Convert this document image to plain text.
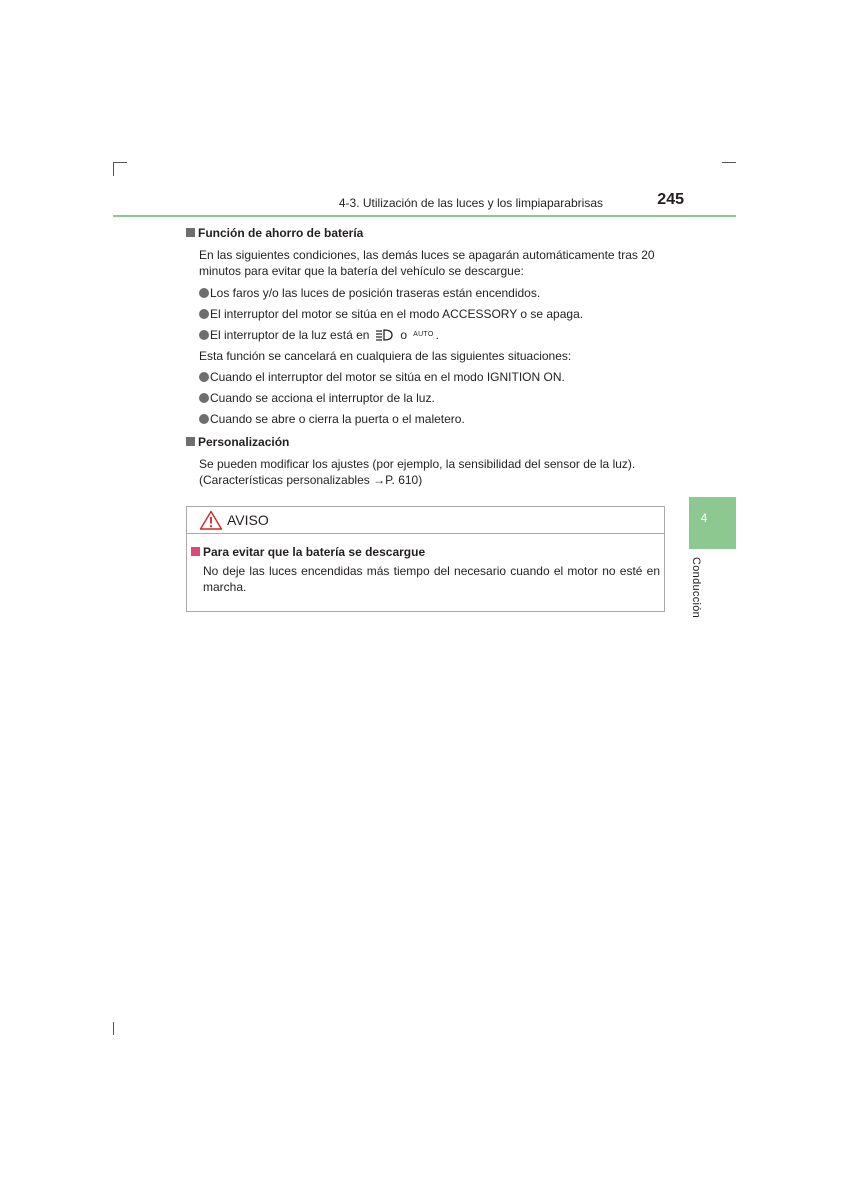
4-3. Utilización de las luces y los limpiaparabrisas	245
4
Conducción
Función de ahorro de batería
En las siguientes condiciones, las demás luces se apagarán automáticamente tras 20 minutos para evitar que la batería del vehículo se descargue:
Los faros y/o las luces de posición traseras están encendidos.
El interruptor del motor se sitúa en el modo ACCESSORY o se apaga.
El interruptor de la luz está en	o AUTO .
Esta función se cancelará en cualquiera de las siguientes situaciones:
Cuando el interruptor del motor se sitúa en el modo IGNITION ON.
Cuando se acciona el interruptor de la luz.
Cuando se abre o cierra la puerta o el maletero.
Personalización
Se pueden modificar los ajustes (por ejemplo, la sensibilidad del sensor de la luz).
(Características personalizables →P. 610)
AVISO
Para evitar que la batería se descargue
No deje las luces encendidas más tiempo del necesario cuando el motor no esté en marcha.
